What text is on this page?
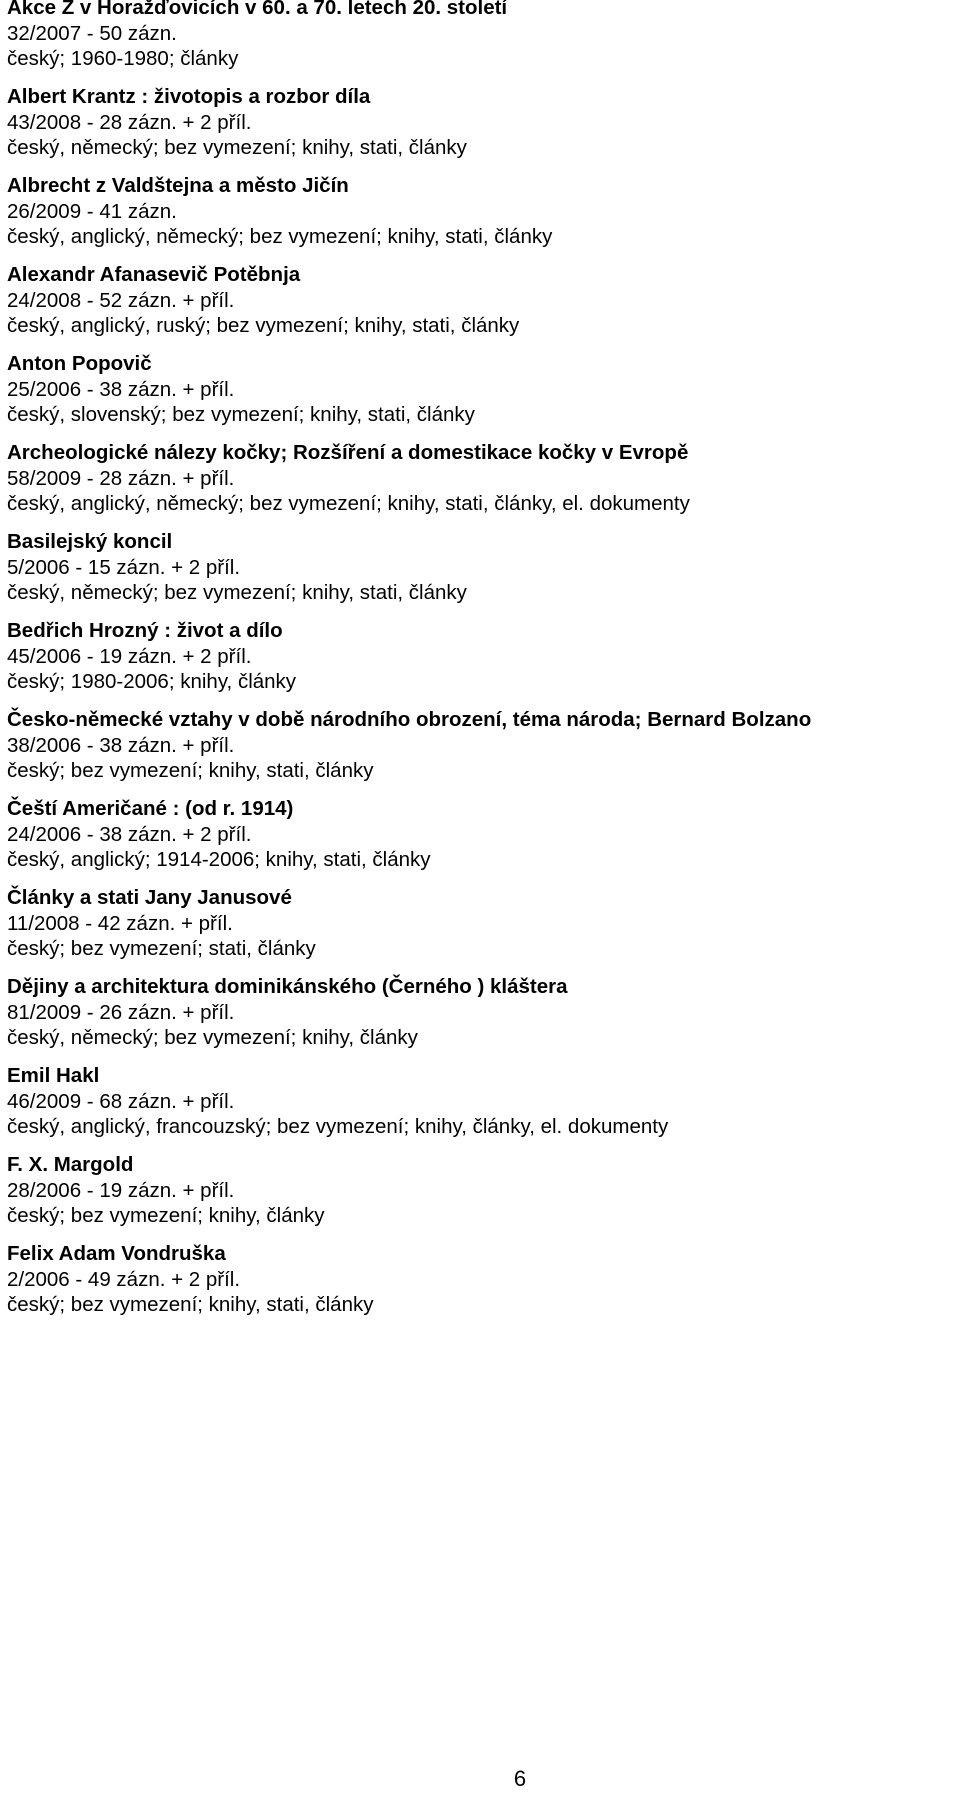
Akce Z v Horažďovicích v 60. a 70. letech 20. století
32/2007 - 50 zázn.
český; 1960-1980; články
Albert Krantz : životopis a rozbor díla
43/2008 - 28 zázn. + 2 příl.
český, německý; bez vymezení; knihy, stati, články
Albrecht z Valdštejna a město Jičín
26/2009 - 41 zázn.
český, anglický, německý; bez vymezení; knihy, stati, články
Alexandr Afanasevič Potěbnja
24/2008 - 52 zázn. + příl.
český, anglický, ruský; bez vymezení; knihy, stati, články
Anton Popovič
25/2006 - 38 zázn. + příl.
český, slovenský; bez vymezení; knihy, stati, články
Archeologické nálezy kočky; Rozšíření a domestikace kočky v Evropě
58/2009 - 28 zázn. + příl.
český, anglický, německý; bez vymezení; knihy, stati, články, el. dokumenty
Basilejský koncil
5/2006 - 15 zázn. + 2 příl.
český, německý; bez vymezení; knihy, stati, články
Bedřich Hrozný : život a dílo
45/2006 - 19 zázn. + 2 příl.
český; 1980-2006; knihy, články
Česko-německé vztahy v době národního obrození, téma národa; Bernard Bolzano
38/2006 - 38 zázn. + příl.
český; bez vymezení; knihy, stati, články
Čeští Američané : (od r. 1914)
24/2006 - 38 zázn. + 2 příl.
český, anglický; 1914-2006; knihy, stati, články
Články a stati Jany Janusové
11/2008 - 42 zázn. + příl.
český; bez vymezení; stati, články
Dějiny a architektura dominikánského (Černého ) kláštera
81/2009 - 26 zázn. + příl.
český, německý; bez vymezení; knihy, články
Emil Hakl
46/2009 - 68 zázn. + příl.
český, anglický, francouzský; bez vymezení; knihy, články, el. dokumenty
F. X. Margold
28/2006 - 19 zázn. + příl.
český; bez vymezení; knihy, články
Felix Adam Vondruška
2/2006 - 49 zázn. + 2 příl.
český; bez vymezení; knihy, stati, články
6
